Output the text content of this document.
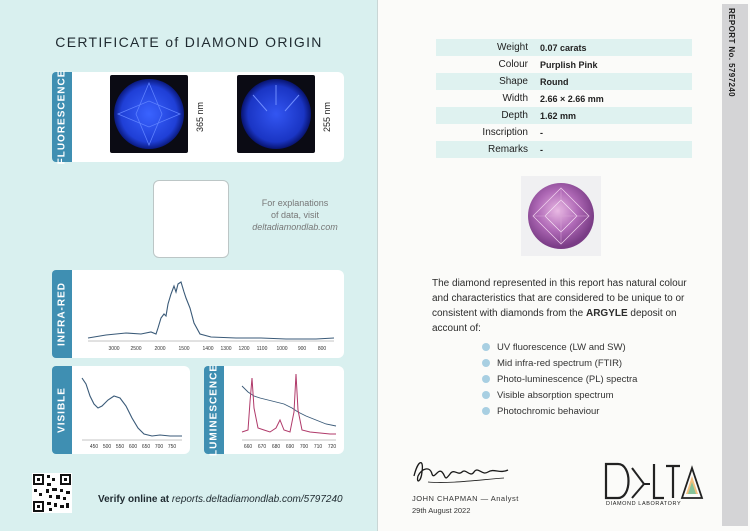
CERTIFICATE of DIAMOND ORIGIN
FLUORESCENCE	365 nm	255 nm
For explanations
of data, visit
deltadiamondlab.com
INFRA-RED
3000 2500	2000	1500	1400 1300 1200 1100 1000 900 800
VISIBLE
450 500 550 600 650 700 750	LUMINESCENCE	660 670 680 690 700 710 720
Verify online at reports.deltadiamondlab.com/5797240
Weight	0.07 carats
Colour	Purplish Pink
Shape	Round
Width	2.66 × 2.66 mm
Depth	1.62 mm
Inscription	-
Remarks	-
The diamond represented in this report has natural colour and characteristics that are considered to be unique to or consistent with diamonds from the ARGYLE deposit on account of:
UV fluorescence (LW and SW)
Mid infra-red spectrum (FTIR)
Photo-luminescence (PL) spectra
Visible absorption spectrum
Photochromic behaviour
JOHN CHAPMAN — Analyst
29th August 2022
DIAMOND LABORATORY
REPORT No. 5797240
